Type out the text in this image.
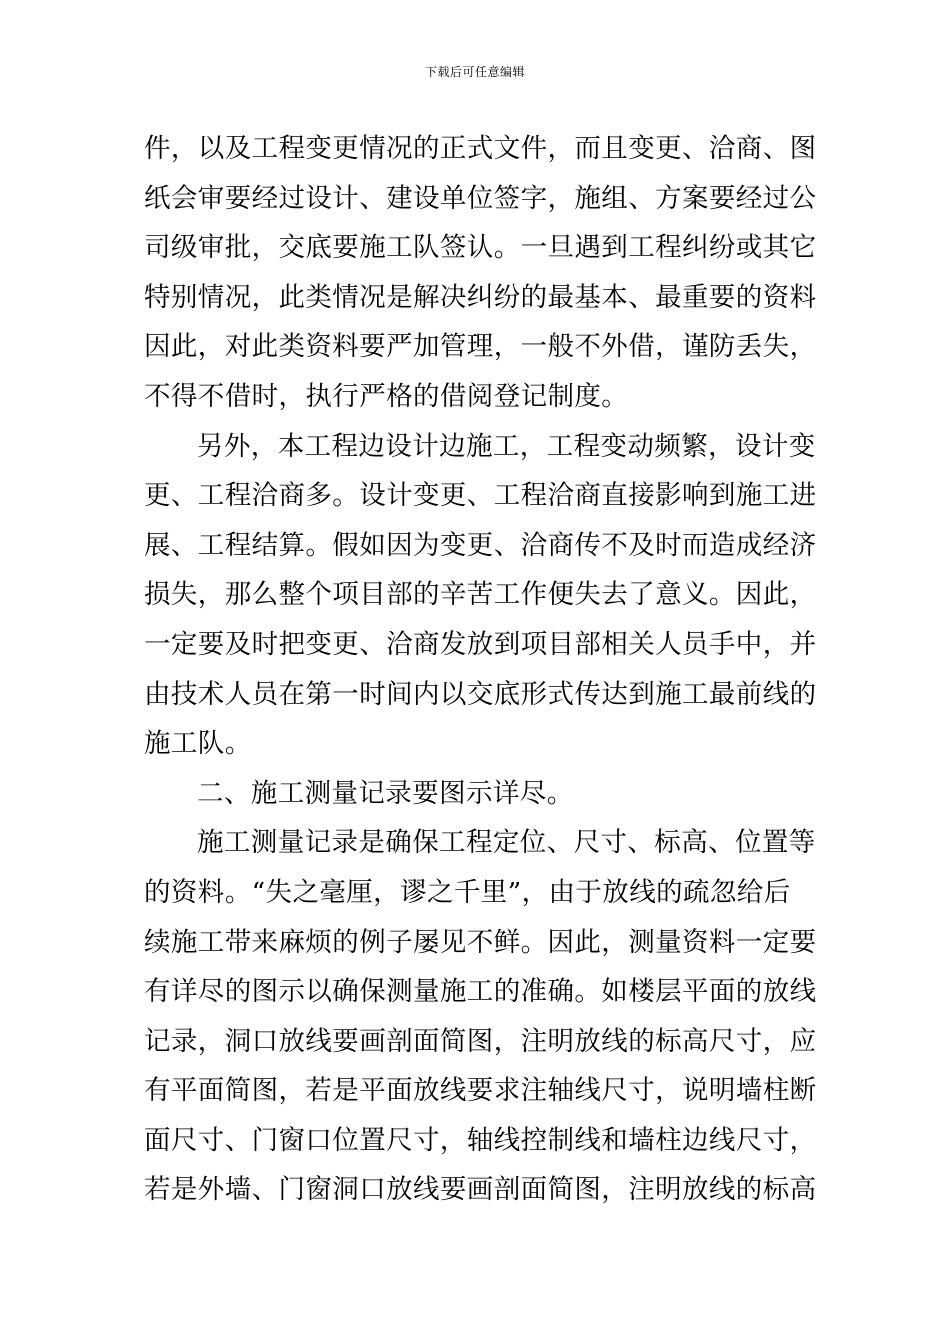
下载后可任意编辑
件，以及工程变更情况的正式文件，而且变更、洽商、图
纸会审要经过设计、建设单位签字，施组、方案要经过公
司级审批，交底要施工队签认。一旦遇到工程纠纷或其它
特别情况，此类情况是解决纠纷的最基本、最重要的资料
因此，对此类资料要严加管理，一般不外借，谨防丢失，
不得不借时，执行严格的借阅登记制度。
另外，本工程边设计边施工，工程变动频繁，设计变
更、工程洽商多。设计变更、工程洽商直接影响到施工进
展、工程结算。假如因为变更、洽商传不及时而造成经济
损失，那么整个项目部的辛苦工作便失去了意义。因此，
一定要及时把变更、洽商发放到项目部相关人员手中，并
由技术人员在第一时间内以交底形式传达到施工最前线的
施工队。
二、施工测量记录要图示详尽。
施工测量记录是确保工程定位、尺寸、标高、位置等
的资料。“失之毫厘，谬之千里”，由于放线的疏忽给后
续施工带来麻烦的例子屡见不鲜。因此，测量资料一定要
有详尽的图示以确保测量施工的准确。如楼层平面的放线
记录，洞口放线要画剖面简图，注明放线的标高尺寸，应
有平面简图，若是平面放线要求注轴线尺寸，说明墙柱断
面尺寸、门窗口位置尺寸，轴线控制线和墙柱边线尺寸，
若是外墙、门窗洞口放线要画剖面简图，注明放线的标高
